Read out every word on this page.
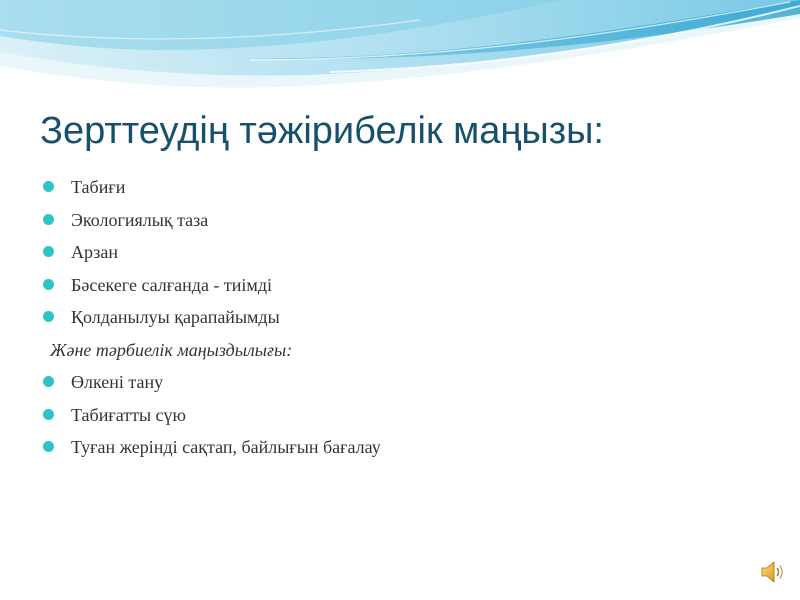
Зерттеудің тәжірибелік маңызы:
Табиғи
Экологиялық таза
Арзан
Бәсекеге салғанда - тиімді
Қолданылуы қарапайымды
Және тәрбиелік маңыздылығы:
Өлкені тану
Табиғатты сүю
Туған жерінді сақтап, байлығын бағалау
